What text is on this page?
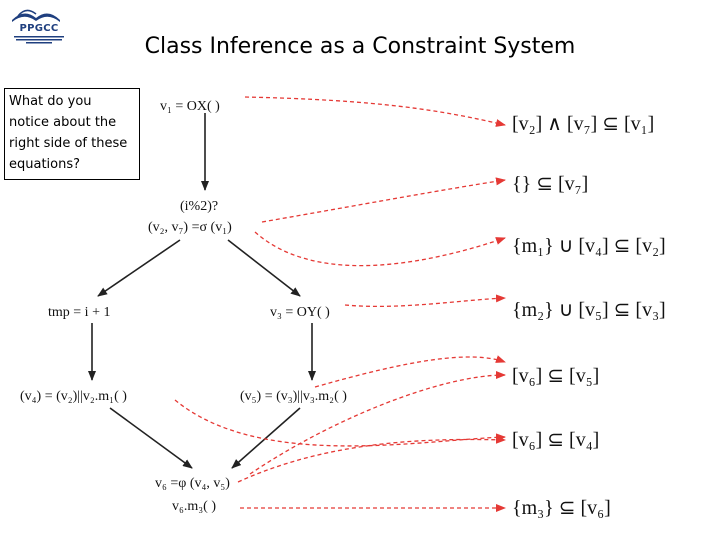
PPGCC
Class Inference as a Constraint System
What do you notice about the right side of these equations?
v₁ = OX( )
(i%2)?
(v₂, v₇) =σ (v₁)
tmp = i + 1	v₃ = OY( )
(v₄) = (v₂)||v₂.m₁( )	(v₅) = (v₃)||v₃.m₂( )
v₆ =φ (v₄, v₅)
v₆.m₃( )
[v₂] ∧ [v₇] ⊆ [v₁]
{} ⊆ [v₇]
{m₁} ∪ [v₄] ⊆ [v₂]
{m₂} ∪ [v₅] ⊆ [v₃]
[v₆] ⊆ [v₅]
[v₆] ⊆ [v₄]
{m₃} ⊆ [v₆]
